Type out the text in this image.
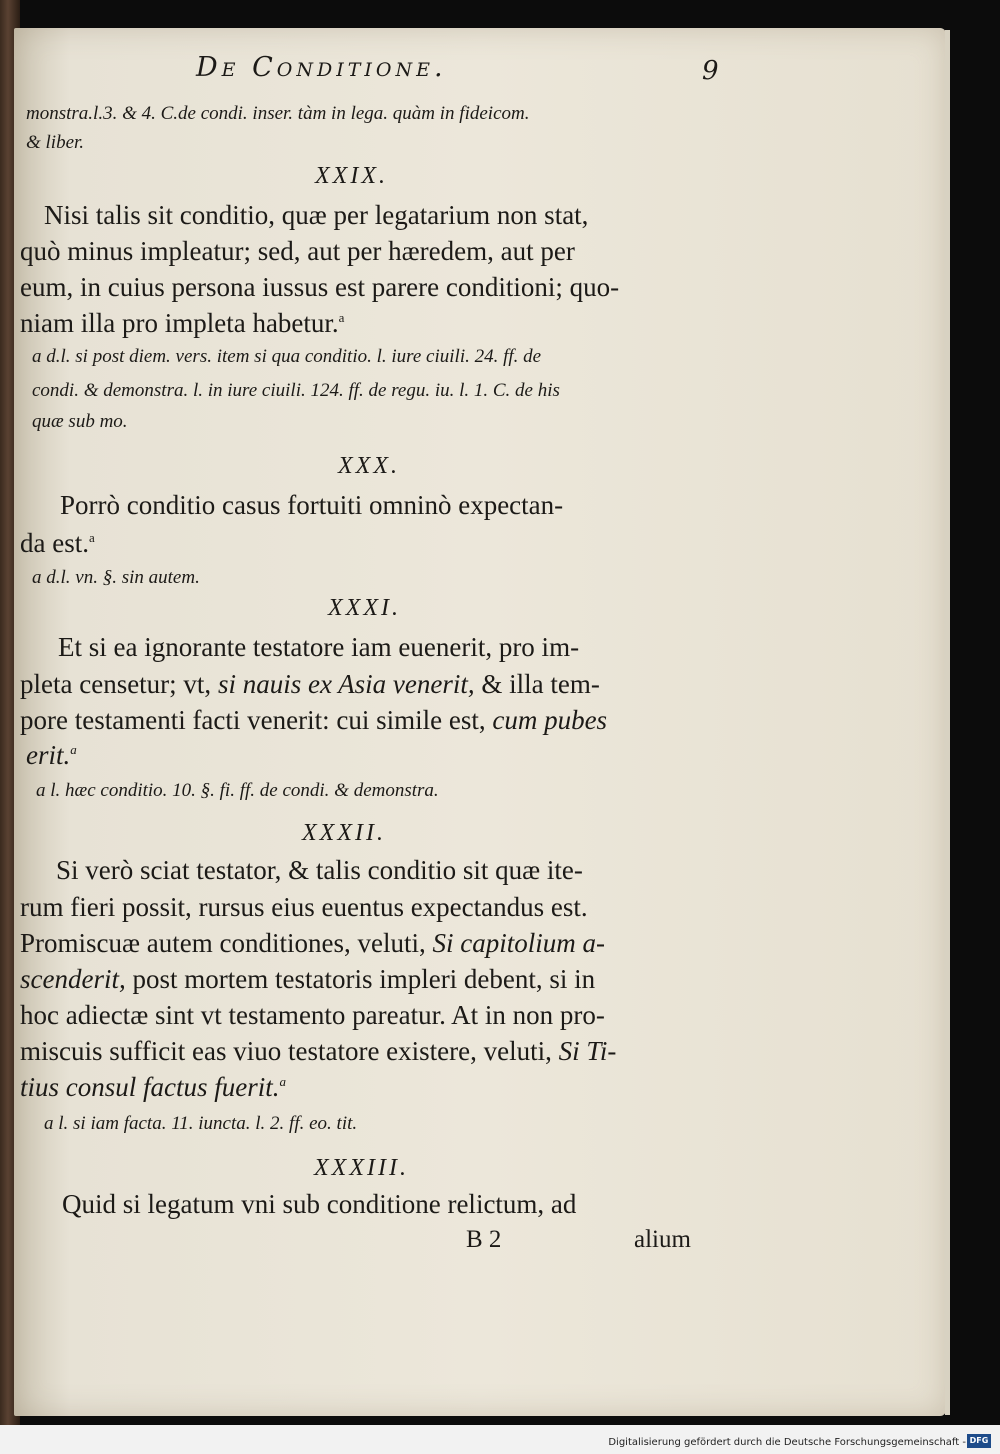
De Conditione.	9
monstra.l.3. & 4. C.de condi. inser. tàm in lega. quàm in fideicom.
& liber.
XXIX.
Nisi talis sit conditio, quæ per legatarium non stat,
quò minus impleatur; sed, aut per hæredem, aut per
eum, in cuius persona iussus est parere conditioni; quo-
niam illa pro impleta habetur.$^a$
a d.l. si post diem. vers. item si qua conditio. l. iure ciuili. 24. ff. de
condi. & demonstra. l. in iure ciuili. 124. ff. de regu. iu. l. 1. C. de his
quæ sub mo.
XXX.
Porrò conditio casus fortuiti omninò expectan-
da est.$^a$
a d.l. vn. §. sin autem.
XXXI.
Et si ea ignorante testatore iam euenerit, pro im-
pleta censetur; vt, si nauis ex Asia venerit, & illa tem-
pore testamenti facti venerit: cui simile est, cum pubes
erit.$^a$
a l. hæc conditio. 10. §. fi. ff. de condi. & demonstra.
XXXII.
Si verò sciat testator, & talis conditio sit quæ ite-
rum fieri possit, rursus eius euentus expectandus est.
Promiscuæ autem conditiones, veluti, Si capitolium a-
scenderit, post mortem testatoris impleri debent, si in
hoc adiectæ sint vt testamento pareatur. At in non pro-
miscuis sufficit eas viuo testatore existere, veluti, Si Ti-
tius consul factus fuerit.$^a$
a l. si iam facta. 11. iuncta. l. 2. ff. eo. tit.
XXXIII.
Quid si legatum vni sub conditione relictum, ad
B 2	alium
Digitalisierung gefördert durch die Deutsche Forschungsgemeinschaft - DFG
